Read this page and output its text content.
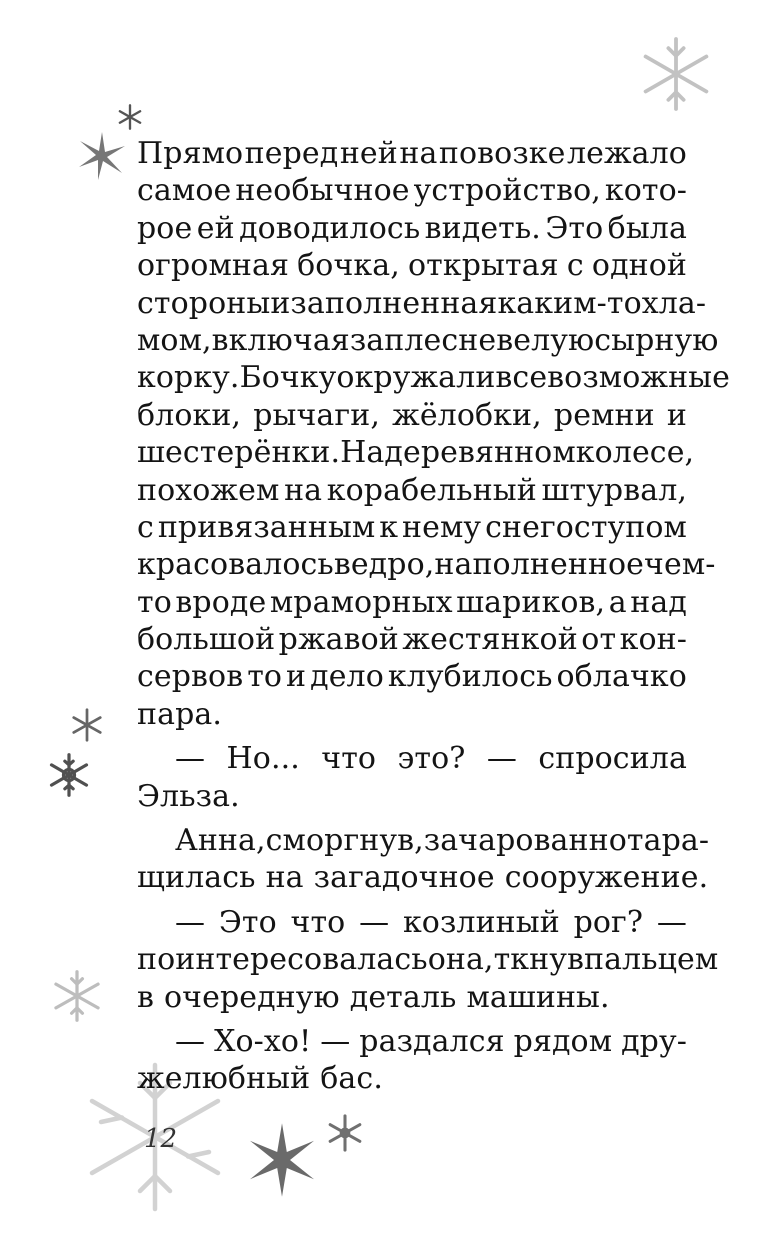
Прямо перед ней на повозке лежало
самое необычное устройство, кото-
рое ей доводилось видеть. Это была
огромная бочка, открытая с одной
стороны и заполненная каким-то хла-
мом, включая заплесневелую сырную
корку. Бочку окружали всевозможные
блоки, рычаги, жёлобки, ремни и
шестерёнки. На деревянном колесе,
похожем на корабельный штурвал,
с привязанным к нему снегоступом
красовалось ведро, наполненное чем-
то вроде мраморных шариков, а над
большой ржавой жестянкой от кон-
сервов то и дело клубилось облачко
пара.
— Но... что это? — спросила
Эльза.
Анна, сморгнув, зачарованно тара-
щилась на загадочное сооружение.
— Это что — козлиный рог? —
поинтересовалась она, ткнув пальцем
в очередную деталь машины.
— Хо-хо! — раздался рядом дру-
желюбный бас.
12
